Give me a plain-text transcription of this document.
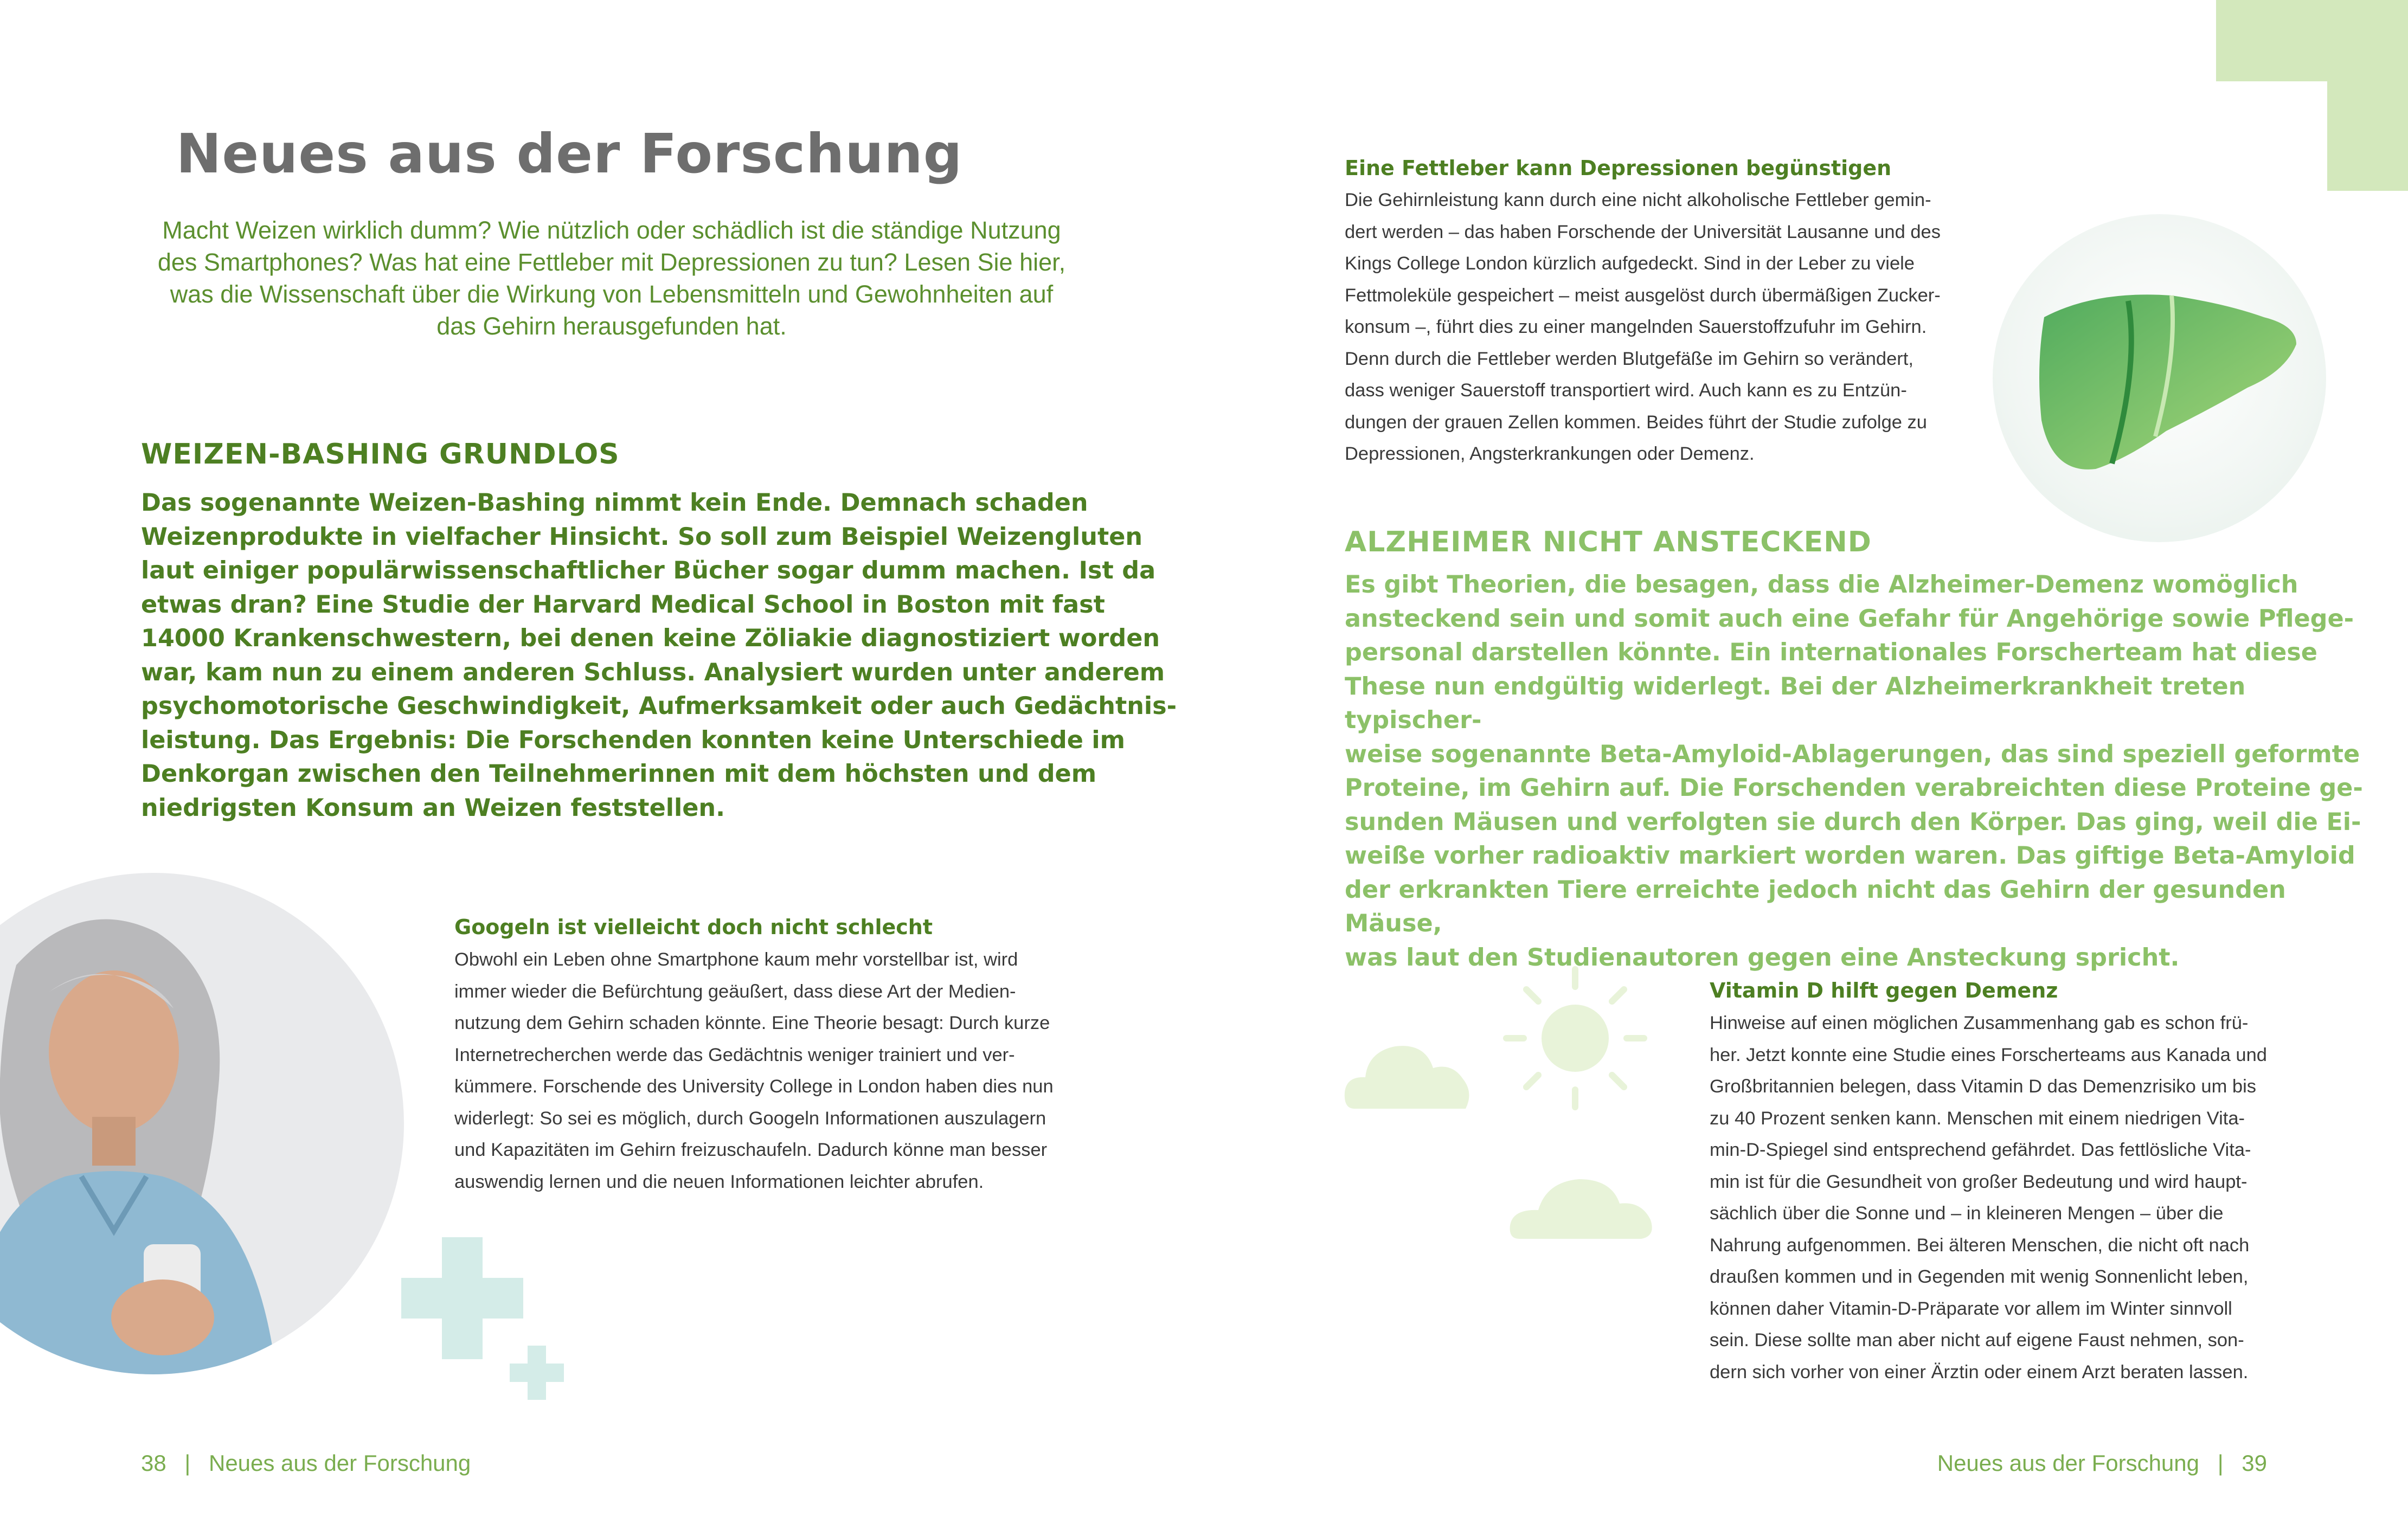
Neues aus der Forschung
Macht Weizen wirklich dumm? Wie nützlich oder schädlich ist die ständige Nutzung des Smartphones? Was hat eine Fettleber mit Depressionen zu tun? Lesen Sie hier, was die Wissenschaft über die Wirkung von Lebensmitteln und Gewohnheiten auf das Gehirn herausgefunden hat.
WEIZEN-BASHING GRUNDLOS
Das sogenannte Weizen-Bashing nimmt kein Ende. Demnach schaden
Weizenprodukte in vielfacher Hinsicht. So soll zum Beispiel Weizengluten
laut einiger populärwissenschaftlicher Bücher sogar dumm machen. Ist da
etwas dran? Eine Studie der Harvard Medical School in Boston mit fast
14000 Krankenschwestern, bei denen keine Zöliakie diagnostiziert worden
war, kam nun zu einem anderen Schluss. Analysiert wurden unter anderem
psychomotorische Geschwindigkeit, Aufmerksamkeit oder auch Gedächtnis-
leistung. Das Ergebnis: Die Forschenden konnten keine Unterschiede im
Denkorgan zwischen den Teilnehmerinnen mit dem höchsten und dem
niedrigsten Konsum an Weizen feststellen.
Googeln ist vielleicht doch nicht schlecht
Obwohl ein Leben ohne Smartphone kaum mehr vorstellbar ist, wird
immer wieder die Befürchtung geäußert, dass diese Art der Medien-
nutzung dem Gehirn schaden könnte. Eine Theorie besagt: Durch kurze
Internetrecherchen werde das Gedächtnis weniger trainiert und ver-
kümmere. Forschende des University College in London haben dies nun
widerlegt: So sei es möglich, durch Googeln Informationen auszulagern
und Kapazitäten im Gehirn freizuschaufeln. Dadurch könne man besser
auswendig lernen und die neuen Informationen leichter abrufen.
38 | Neues aus der Forschung
Eine Fettleber kann Depressionen begünstigen
Die Gehirnleistung kann durch eine nicht alkoholische Fettleber gemin-
dert werden – das haben Forschende der Universität Lausanne und des
Kings College London kürzlich aufgedeckt. Sind in der Leber zu viele
Fettmoleküle gespeichert – meist ausgelöst durch übermäßigen Zucker-
konsum –, führt dies zu einer mangelnden Sauerstoffzufuhr im Gehirn.
Denn durch die Fettleber werden Blutgefäße im Gehirn so verändert,
dass weniger Sauerstoff transportiert wird. Auch kann es zu Entzün-
dungen der grauen Zellen kommen. Beides führt der Studie zufolge zu
Depressionen, Angsterkrankungen oder Demenz.
ALZHEIMER NICHT ANSTECKEND
Es gibt Theorien, die besagen, dass die Alzheimer-Demenz womöglich
ansteckend sein und somit auch eine Gefahr für Angehörige sowie Pflege-
personal darstellen könnte. Ein internationales Forscherteam hat diese
These nun endgültig widerlegt. Bei der Alzheimerkrankheit treten typischer-
weise sogenannte Beta-Amyloid-Ablagerungen, das sind speziell geformte
Proteine, im Gehirn auf. Die Forschenden verabreichten diese Proteine ge-
sunden Mäusen und verfolgten sie durch den Körper. Das ging, weil die Ei-
weiße vorher radioaktiv markiert worden waren. Das giftige Beta-Amyloid
der erkrankten Tiere erreichte jedoch nicht das Gehirn der gesunden Mäuse,
was laut den Studienautoren gegen eine Ansteckung spricht.
Vitamin D hilft gegen Demenz
Hinweise auf einen möglichen Zusammenhang gab es schon frü-
her. Jetzt konnte eine Studie eines Forscherteams aus Kanada und
Großbritannien belegen, dass Vitamin D das Demenzrisiko um bis
zu 40 Prozent senken kann. Menschen mit einem niedrigen Vita-
min-D-Spiegel sind entsprechend gefährdet. Das fettlösliche Vita-
min ist für die Gesundheit von großer Bedeutung und wird haupt-
sächlich über die Sonne und – in kleineren Mengen – über die
Nahrung aufgenommen. Bei älteren Menschen, die nicht oft nach
draußen kommen und in Gegenden mit wenig Sonnenlicht leben,
können daher Vitamin-D-Präparate vor allem im Winter sinnvoll
sein. Diese sollte man aber nicht auf eigene Faust nehmen, son-
dern sich vorher von einer Ärztin oder einem Arzt beraten lassen.
Neues aus der Forschung | 39
